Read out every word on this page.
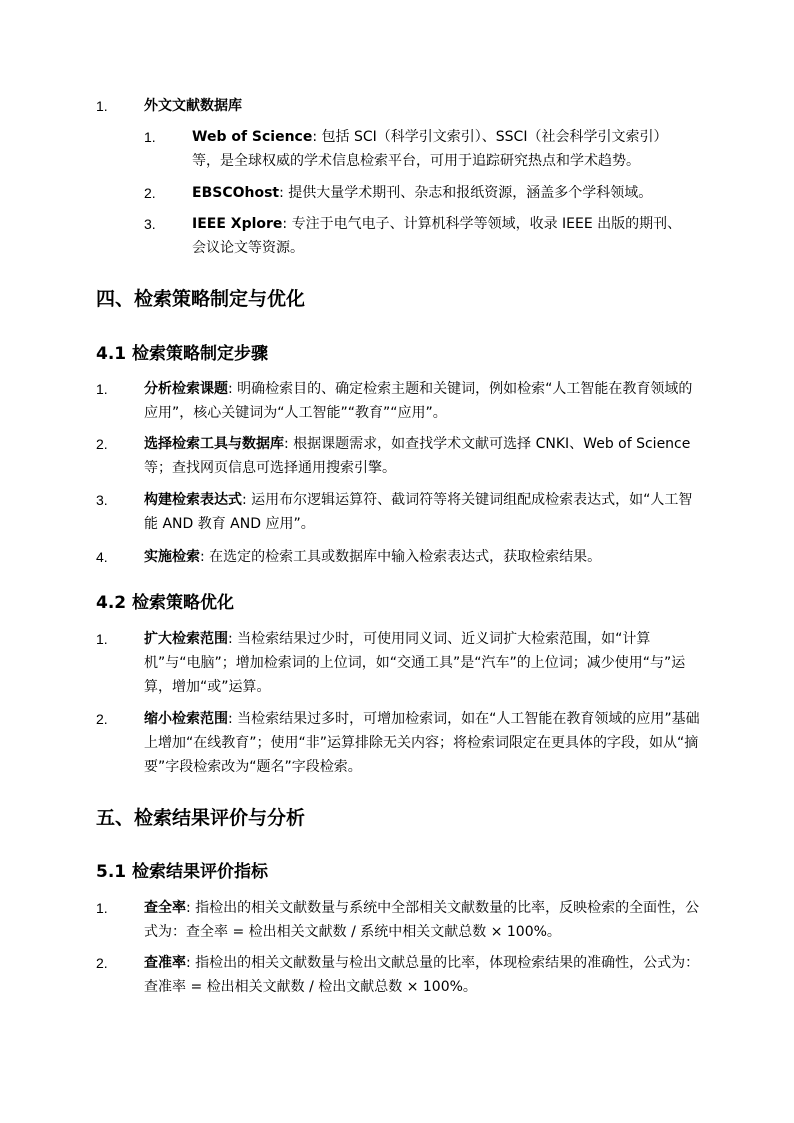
1.	外文文献数据库
1.	Web of Science: 包括 SCI（科学引文索引）、SSCI（社会科学引文索引）等，是全球权威的学术信息检索平台，可用于追踪研究热点和学术趋势。
2.	EBSCOhost: 提供大量学术期刊、杂志和报纸资源，涵盖多个学科领域。
3.	IEEE Xplore: 专注于电气电子、计算机科学等领域，收录 IEEE 出版的期刊、会议论文等资源。
四、检索策略制定与优化
4.1 检索策略制定步骤
1.	分析检索课题: 明确检索目的、确定检索主题和关键词，例如检索“人工智能在教育领域的应用”，核心关键词为“人工智能”“教育”“应用”。
2.	选择检索工具与数据库: 根据课题需求，如查找学术文献可选择 CNKI、Web of Science 等；查找网页信息可选择通用搜索引擎。
3.	构建检索表达式: 运用布尔逻辑运算符、截词符等将关键词组配成检索表达式，如“人工智能 AND 教育 AND 应用”。
4.	实施检索: 在选定的检索工具或数据库中输入检索表达式，获取检索结果。
4.2 检索策略优化
1.	扩大检索范围: 当检索结果过少时，可使用同义词、近义词扩大检索范围，如“计算机”与“电脑”；增加检索词的上位词，如“交通工具”是“汽车”的上位词；减少使用“与”运算，增加“或”运算。
2.	缩小检索范围: 当检索结果过多时，可增加检索词，如在“人工智能在教育领域的应用”基础上增加“在线教育”；使用“非”运算排除无关内容；将检索词限定在更具体的字段，如从“摘要”字段检索改为“题名”字段检索。
五、检索结果评价与分析
5.1 检索结果评价指标
1.	查全率: 指检出的相关文献数量与系统中全部相关文献数量的比率，反映检索的全面性，公式为：查全率 = 检出相关文献数 / 系统中相关文献总数 × 100%。
2.	查准率: 指检出的相关文献数量与检出文献总量的比率，体现检索结果的准确性，公式为：查准率 = 检出相关文献数 / 检出文献总数 × 100%。
